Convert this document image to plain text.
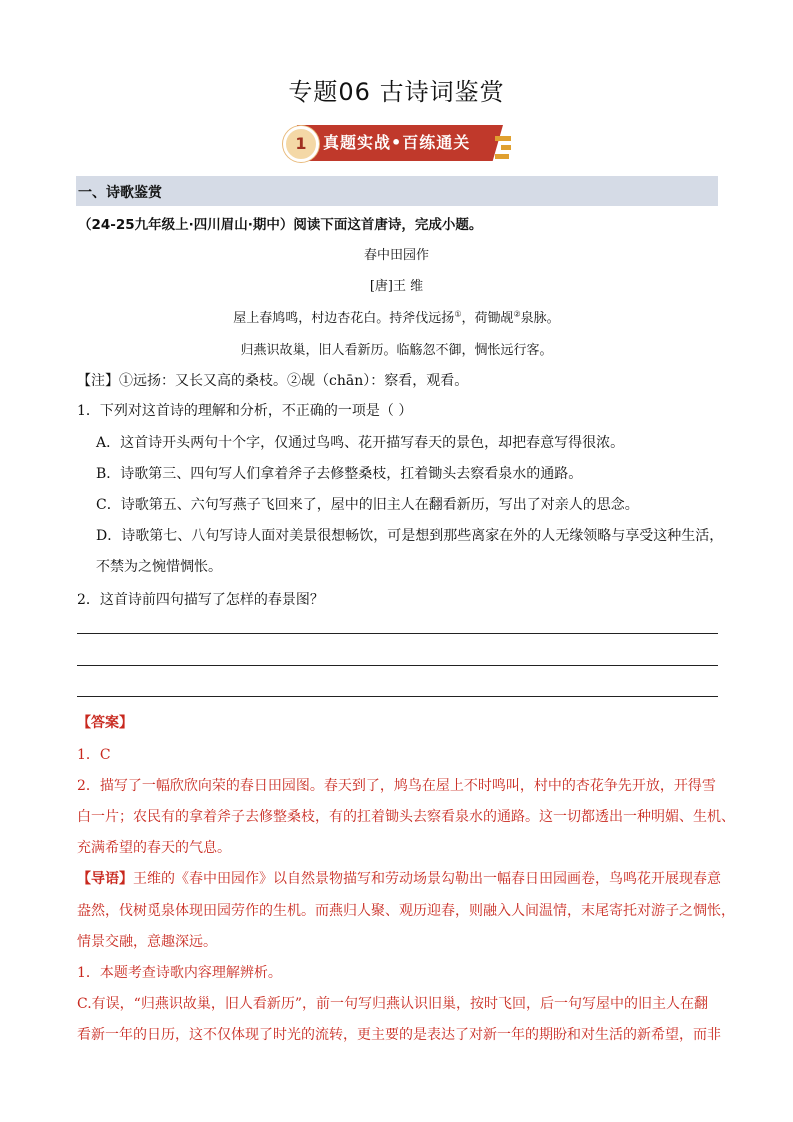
专题06 古诗词鉴赏
1	真题实战•百练通关
一、诗歌鉴赏
（24-25九年级上·四川眉山·期中）阅读下面这首唐诗，完成小题。
春中田园作
[唐]王 维
屋上春鸠鸣，村边杏花白。持斧伐远扬①，荷锄觇②泉脉。
归燕识故巢，旧人看新历。临觞忽不御，惆怅远行客。
【注】①远扬：又长又高的桑枝。②觇（chān）：察看，观看。
1．下列对这首诗的理解和分析，不正确的一项是（ ）
A．这首诗开头两句十个字，仅通过鸟鸣、花开描写春天的景色，却把春意写得很浓。
B．诗歌第三、四句写人们拿着斧子去修整桑枝，扛着锄头去察看泉水的通路。
C．诗歌第五、六句写燕子飞回来了，屋中的旧主人在翻看新历，写出了对亲人的思念。
D．诗歌第七、八句写诗人面对美景很想畅饮，可是想到那些离家在外的人无缘领略与享受这种生活，
不禁为之惋惜惆怅。
2．这首诗前四句描写了怎样的春景图？
【答案】
1．C
2．描写了一幅欣欣向荣的春日田园图。春天到了，鸠鸟在屋上不时鸣叫，村中的杏花争先开放，开得雪
白一片；农民有的拿着斧子去修整桑枝，有的扛着锄头去察看泉水的通路。这一切都透出一种明媚、生机、
充满希望的春天的气息。
【导语】王维的《春中田园作》以自然景物描写和劳动场景勾勒出一幅春日田园画卷，鸟鸣花开展现春意
盎然，伐树觅泉体现田园劳作的生机。而燕归人聚、观历迎春，则融入人间温情，末尾寄托对游子之惆怅，
情景交融，意趣深远。
1．本题考查诗歌内容理解辨析。
C.有误，“归燕识故巢，旧人看新历”，前一句写归燕认识旧巢，按时飞回，后一句写屋中的旧主人在翻
看新一年的日历，这不仅体现了时光的流转，更主要的是表达了对新一年的期盼和对生活的新希望，而非
